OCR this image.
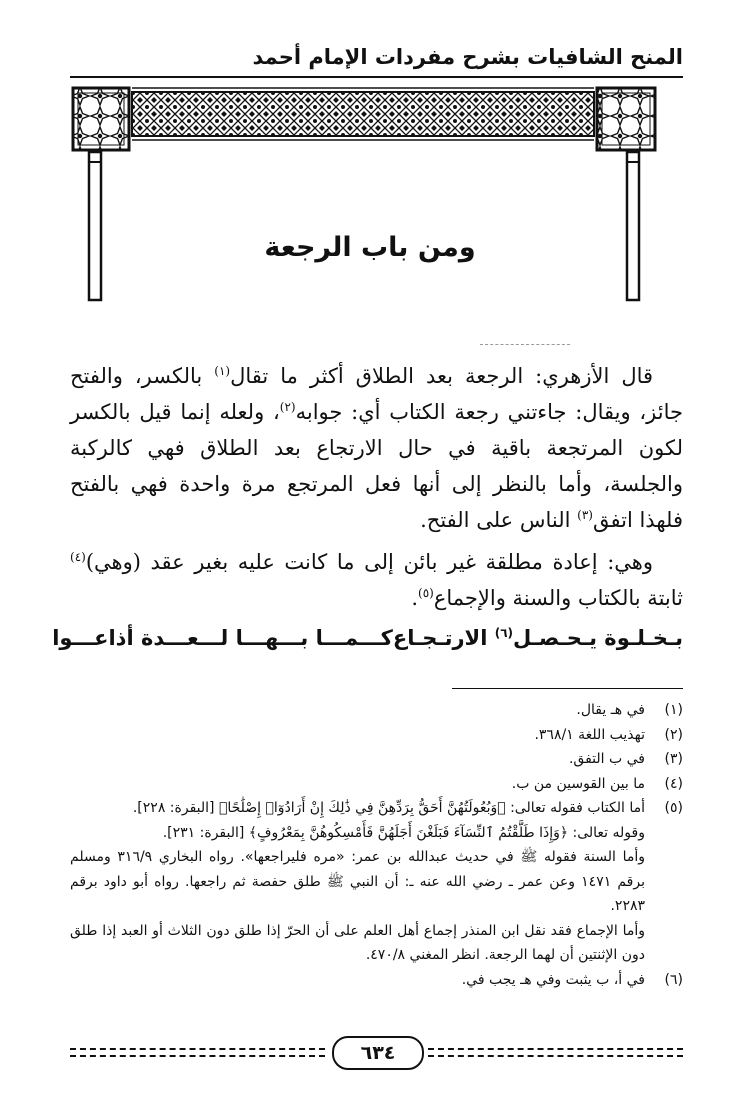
المنح الشافيات بشرح مفردات الإمام أحمد
ومن باب الرجعة

قال الأزهري: الرجعة بعد الطلاق أكثر ما تقال$^{(١)}$ بالكسر، والفتح جائز، ويقال: جاءتني رجعة الكتاب أي: جوابه$^{(٢)}$، ولعله إنما قيل بالكسر لكون المرتجعة باقية في حال الارتجاع بعد الطلاق فهي كالركبة والجلسة، وأما بالنظر إلى أنها فعل المرتجع مرة واحدة فهي بالفتح فلهذا اتفق$^{(٣)}$ الناس على الفتح.

وهي: إعادة مطلقة غير بائن إلى ما كانت عليه بغير عقد (وهي)$^{(٤)}$ ثابتة بالكتاب والسنة والإجماع$^{(٥)}$.

بـخـلـوة يـحـصـل$^{(٦)}$ الارتـجـاع
كـــمـــا بـــهـــا لـــعـــدة أذاعـــوا
(١)
في هـ يقال.
(٢)
تهذيب اللغة ٣٦٨/١.
(٣)
في ب التفق.
(٤)
ما بين القوسين من ب.
(٥)
أما الكتاب فقوله تعالى: ﴿وَبُعُولَتُهُنَّ أَحَقُّ بِرَدِّهِنَّ فِي ذَٰلِكَ إِنْ أَرَادُوٓا۟ إِصْلَٰحًا﴾ [البقرة: ٢٢٨].
وقوله تعالى: ﴿وَإِذَا طَلَّقْتُمُ ٱلنِّسَآءَ فَبَلَغْنَ أَجَلَهُنَّ فَأَمْسِكُوهُنَّ بِمَعْرُوفٍ﴾ [البقرة: ٢٣١].
وأما السنة فقوله ﷺ في حديث عبدالله بن عمر: «مره فليراجعها». رواه البخاري ٣١٦/٩ ومسلم برقم ١٤٧١ وعن عمر ـ رضي الله عنه ـ: أن النبي ﷺ طلق حفصة ثم راجعها. رواه أبو داود برقم ٢٢٨٣.
وأما الإجماع فقد نقل ابن المنذر إجماع أهل العلم على أن الحرّ إذا طلق دون الثلاث أو العبد إذا طلق دون الإثنتين أن لهما الرجعة. انظر المغني ٤٧٠/٨.
(٦)
في أ، ب يثبت وفي هـ يجب في.
٦٣٤
